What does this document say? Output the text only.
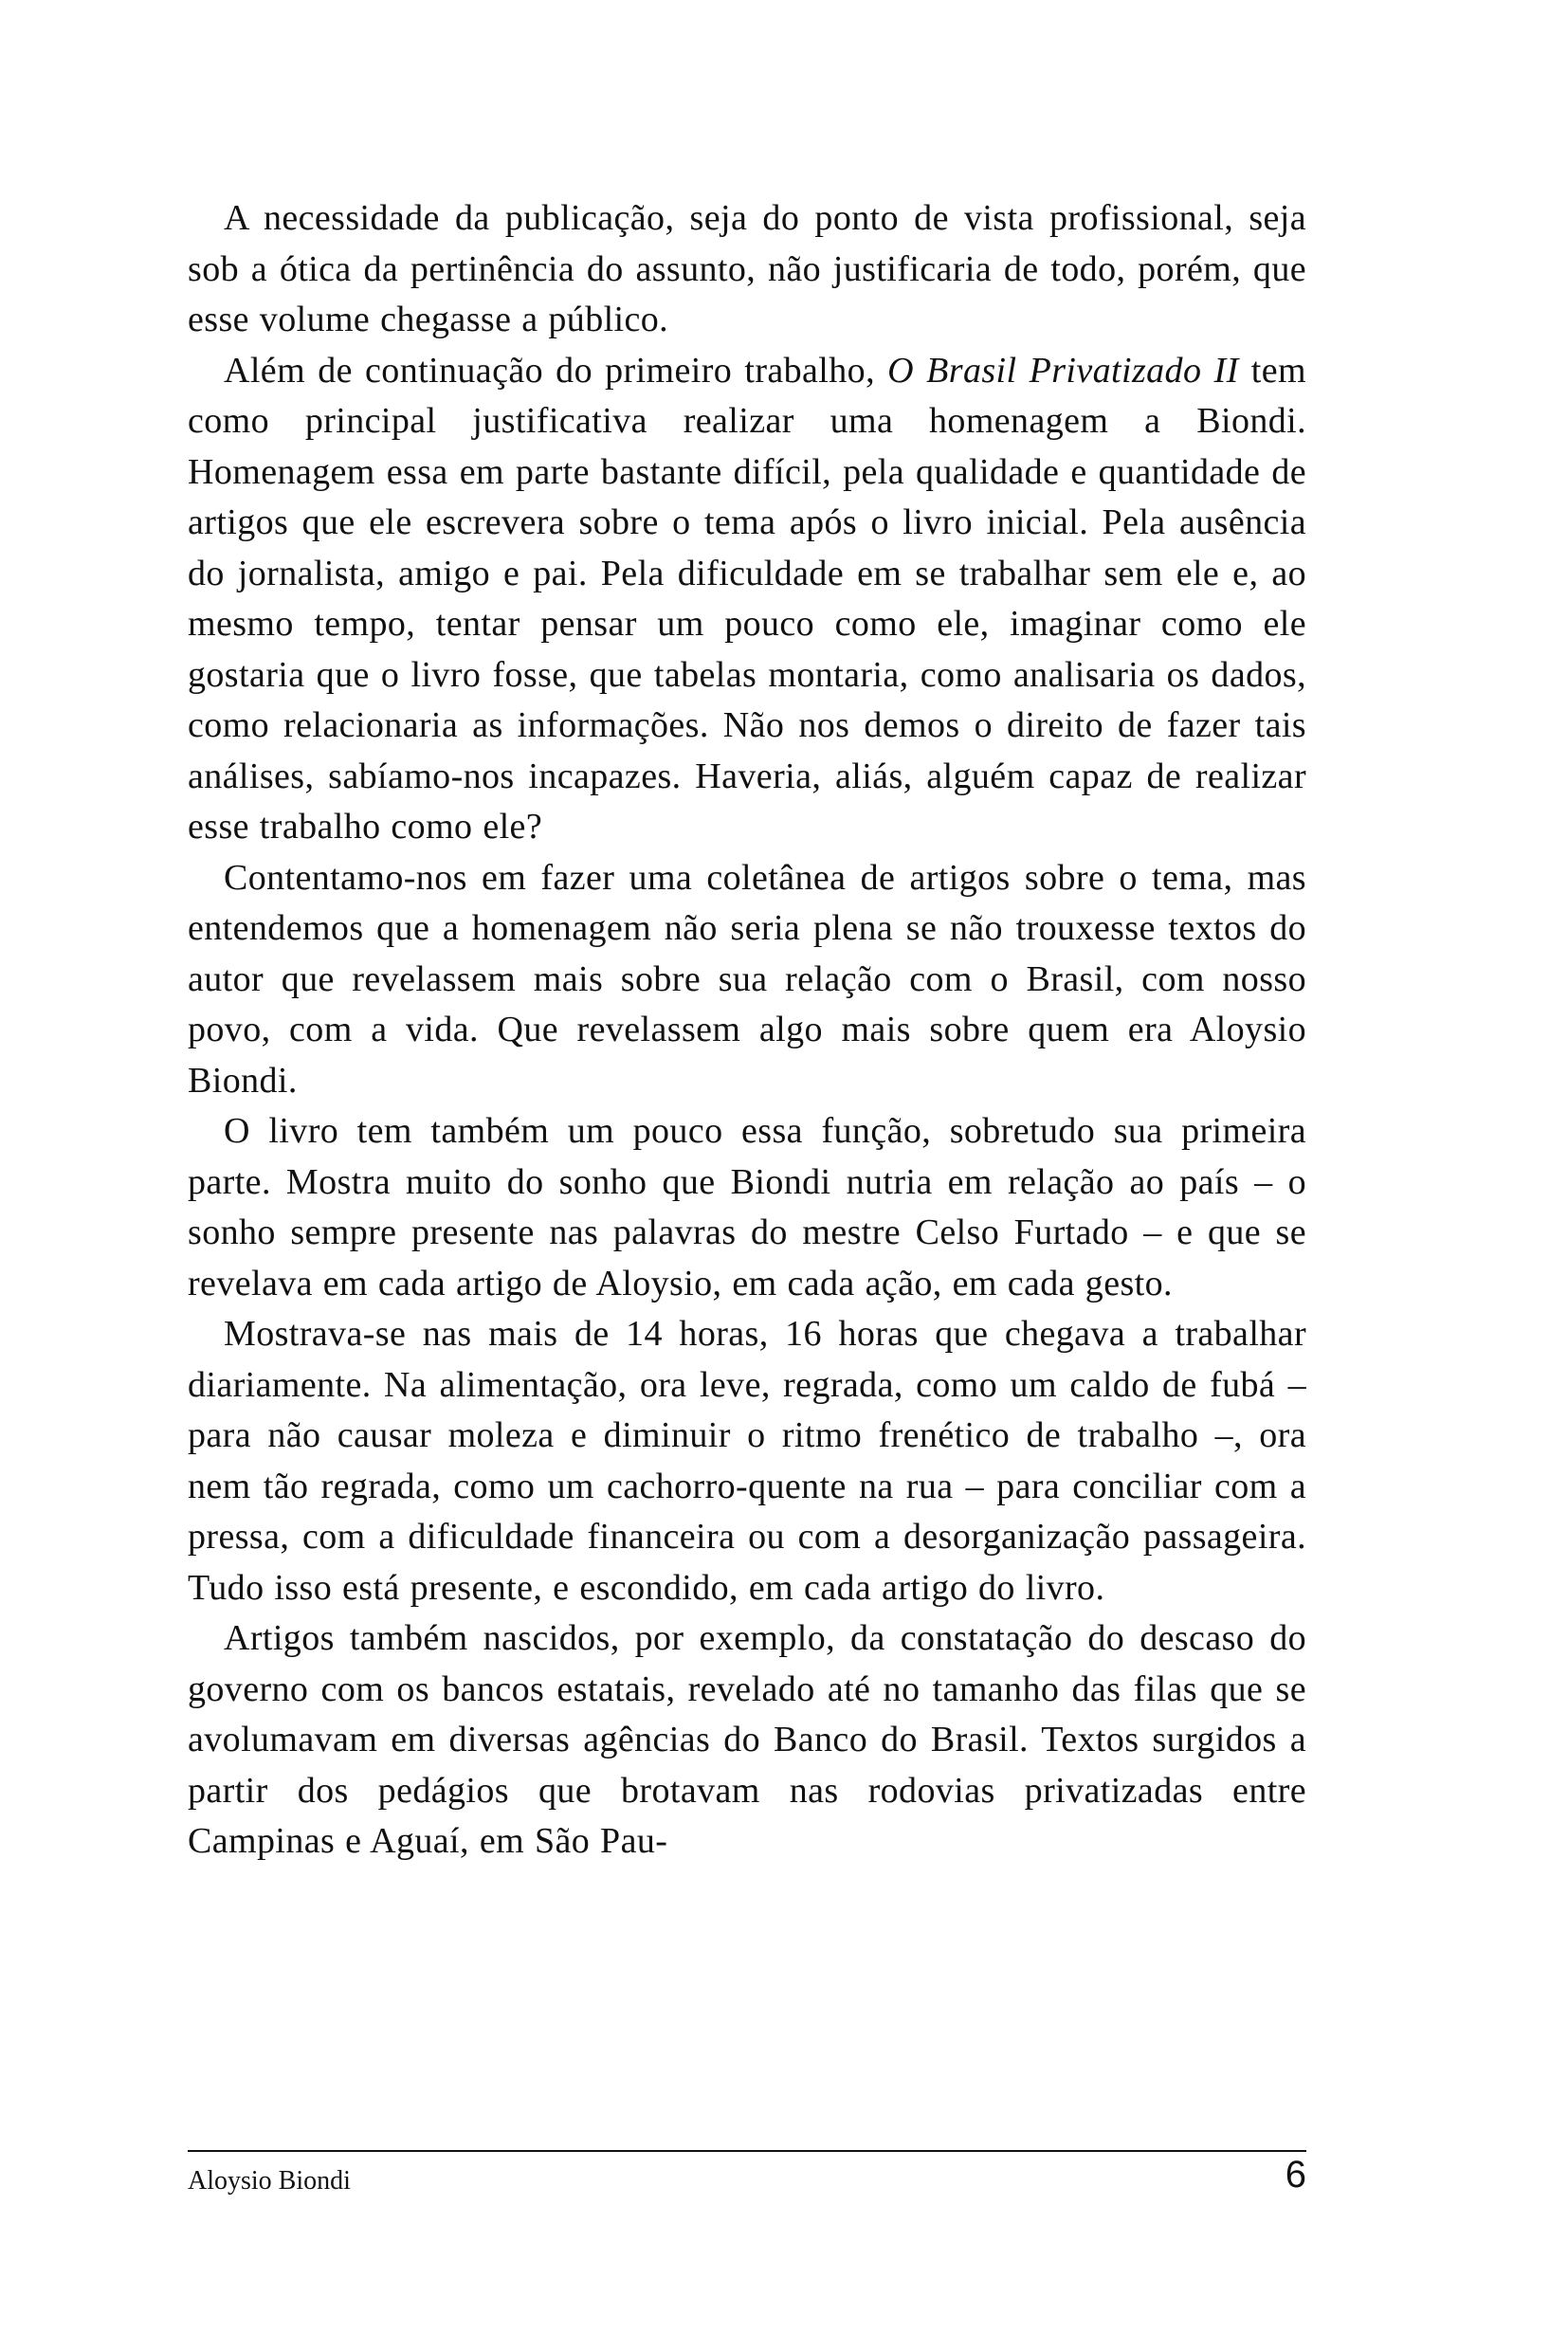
A necessidade da publicação, seja do ponto de vista profissional, seja sob a ótica da pertinência do assunto, não justificaria de todo, porém, que esse volume chegasse a público.

Além de continuação do primeiro trabalho, O Brasil Privatizado II tem como principal justificativa realizar uma homenagem a Biondi. Homenagem essa em parte bastante difícil, pela qualidade e quantidade de artigos que ele escrevera sobre o tema após o livro inicial. Pela ausência do jornalista, amigo e pai. Pela dificuldade em se trabalhar sem ele e, ao mesmo tempo, tentar pensar um pouco como ele, imaginar como ele gostaria que o livro fosse, que tabelas montaria, como analisaria os dados, como relacionaria as informações. Não nos demos o direito de fazer tais análises, sabíamo-nos incapazes. Haveria, aliás, alguém capaz de realizar esse trabalho como ele?

Contentamo-nos em fazer uma coletânea de artigos sobre o tema, mas entendemos que a homenagem não seria plena se não trouxesse textos do autor que revelassem mais sobre sua relação com o Brasil, com nosso povo, com a vida. Que revelassem algo mais sobre quem era Aloysio Biondi.

O livro tem também um pouco essa função, sobretudo sua primeira parte. Mostra muito do sonho que Biondi nutria em relação ao país – o sonho sempre presente nas palavras do mestre Celso Furtado – e que se revelava em cada artigo de Aloysio, em cada ação, em cada gesto.

Mostrava-se nas mais de 14 horas, 16 horas que chegava a trabalhar diariamente. Na alimentação, ora leve, regrada, como um caldo de fubá – para não causar moleza e diminuir o ritmo frenético de trabalho –, ora nem tão regrada, como um cachorro-quente na rua – para conciliar com a pressa, com a dificuldade financeira ou com a desorganização passageira. Tudo isso está presente, e escondido, em cada artigo do livro.

Artigos também nascidos, por exemplo, da constatação do descaso do governo com os bancos estatais, revelado até no tamanho das filas que se avolumavam em diversas agências do Banco do Brasil. Textos surgidos a partir dos pedágios que brotavam nas rodovias privatizadas entre Campinas e Aguaí, em São Pau-

Aloysio Biondi	6
